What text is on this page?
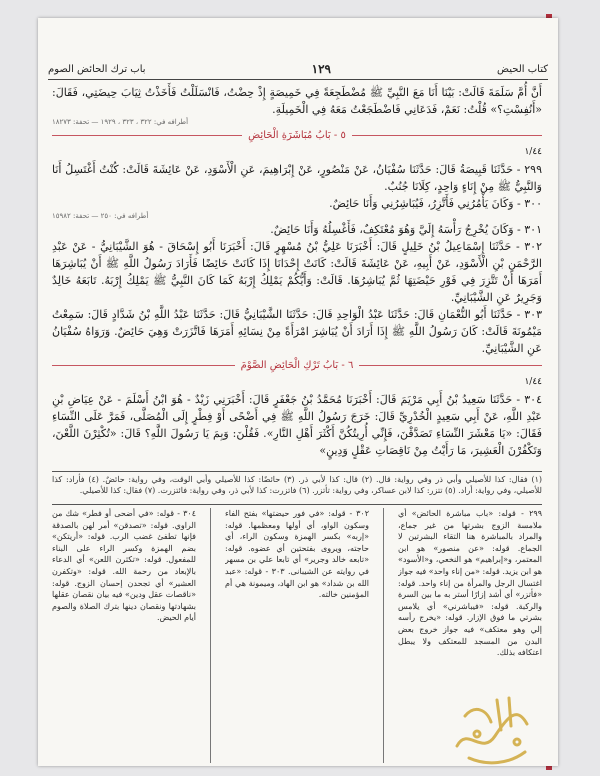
كتاب الحيض
١٢٩
باب ترك الحائض الصوم

أَنَّ أُمَّ سَلَمَةَ قَالَتْ: بَيْنَا أَنَا مَعَ النَّبِيِّ ﷺ مُضْطَجِعَةً فِي خَمِيصَةٍ إِذْ حِضْتُ، فَانْسَلَلْتُ فَأَخَذْتُ ثِيَابَ حِيضَتِي، فَقَالَ: «أَنُفِسْتِ؟» قُلْتُ: نَعَمْ، فَدَعَانِي فَاضْطَجَعْتُ مَعَهُ فِي الْخَمِيلَةِ.

أطرافه في: ٣٢٢ ، ٣٢٣ ، ١٩٢٩ — تحفة: ١٨٢٧٣
٥ - بَابُ مُبَاشَرَةِ الْحَائِضِ
١/٤٤

٢٩٩ - حَدَّثَنَا قَبِيصَةُ قَالَ: حَدَّثَنَا سُفْيَانُ، عَنْ مَنْصُورٍ، عَنْ إِبْرَاهِيمَ، عَنِ الْأَسْوَدِ، عَنْ عَائِشَةَ قَالَتْ: كُنْتُ أَغْتَسِلُ أَنَا وَالنَّبِيُّ ﷺ مِنْ إِنَاءٍ وَاحِدٍ، كِلَانَا جُنُبٌ.

٣٠٠ - وَكَانَ يَأْمُرُنِي فَأَتَّزِرُ، فَيُبَاشِرُنِي وَأَنَا حَائِضٌ.

أطرافه في: ٢٥٠ — تحفة: ١٥٩٨٢

٣٠١ - وَكَانَ يُخْرِجُ رَأْسَهُ إِلَيَّ وَهُوَ مُعْتَكِفٌ، فَأَغْسِلُهُ وَأَنَا حَائِضٌ.

٣٠٢ - حَدَّثَنَا إِسْمَاعِيلُ بْنُ خَلِيلٍ قَالَ: أَخْبَرَنَا عَلِيُّ بْنُ مُسْهِرٍ قَالَ: أَخْبَرَنَا أَبُو إِسْحَاقَ - هُوَ الشَّيْبَانِيُّ - عَنْ عَبْدِ الرَّحْمَنِ بْنِ الْأَسْوَدِ، عَنْ أَبِيهِ، عَنْ عَائِشَةَ قَالَتْ: كَانَتْ إِحْدَانَا إِذَا كَانَتْ حَائِضًا فَأَرَادَ رَسُولُ اللَّهِ ﷺ أَنْ يُبَاشِرَهَا أَمَرَهَا أَنْ تَتَّزِرَ فِي فَوْرِ حَيْضَتِهَا ثُمَّ يُبَاشِرُهَا. قَالَتْ: وَأَيُّكُمْ يَمْلِكُ إِرْبَهُ كَمَا كَانَ النَّبِيُّ ﷺ يَمْلِكُ إِرْبَهُ. تَابَعَهُ خَالِدٌ وَجَرِيرٌ عَنِ الشَّيْبَانِيِّ.

٣٠٣ - حَدَّثَنَا أَبُو النُّعْمَانِ قَالَ: حَدَّثَنَا عَبْدُ الْوَاحِدِ قَالَ: حَدَّثَنَا الشَّيْبَانِيُّ قَالَ: حَدَّثَنَا عَبْدُ اللَّهِ بْنُ شَدَّادٍ قَالَ: سَمِعْتُ مَيْمُونَةَ قَالَتْ: كَانَ رَسُولُ اللَّهِ ﷺ إِذَا أَرَادَ أَنْ يُبَاشِرَ امْرَأَةً مِنْ نِسَائِهِ أَمَرَهَا فَاتَّزَرَتْ وَهِيَ حَائِضٌ. وَرَوَاهُ سُفْيَانُ عَنِ الشَّيْبَانِيِّ.

٦ - بَابُ تَرْكِ الْحَائِضِ الصَّوْمَ
١/٤٤

٣٠٤ - حَدَّثَنَا سَعِيدُ بْنُ أَبِي مَرْيَمَ قَالَ: أَخْبَرَنَا مُحَمَّدُ بْنُ جَعْفَرٍ قَالَ: أَخْبَرَنِي زَيْدٌ - هُوَ ابْنُ أَسْلَمَ - عَنْ عِيَاضِ بْنِ عَبْدِ اللَّهِ، عَنْ أَبِي سَعِيدٍ الْخُدْرِيِّ قَالَ: خَرَجَ رَسُولُ اللَّهِ ﷺ فِي أَضْحًى أَوْ فِطْرٍ إِلَى الْمُصَلَّى، فَمَرَّ عَلَى النِّسَاءِ فَقَالَ: «يَا مَعْشَرَ النِّسَاءِ تَصَدَّقْنَ، فَإِنِّي أُرِيتُكُنَّ أَكْثَرَ أَهْلِ النَّارِ». فَقُلْنَ: وَبِمَ يَا رَسُولَ اللَّهِ؟ قَالَ: «تُكْثِرْنَ اللَّعْنَ، وَتَكْفُرْنَ الْعَشِيرَ، مَا رَأَيْتُ مِنْ نَاقِصَاتِ عَقْلٍ وَدِينٍ»

(١) فقال: كذا للأصيلي وأبي ذر وفي رواية: قال. (٢) قال: كذا لأبي ذر. (٣) حائضًا: كذا للأصيلي وأبي الوقت، وفي رواية: حائضٌ. (٤) فأراد: كذا للأصيلي، وفي رواية: أراد. (٥) تتزر: كذا لابن عساكر، وفي رواية: تأتزر. (٦) فاتزرت: كذا لأبي ذر، وفي رواية: فائتزرت. (٧) فقال: كذا للأصيلي.
٢٩٩ - قوله: «باب مباشرة الحائض» أي ملامسة الزوج بشرتها من غير جماع، والمراد بالمباشرة هنا التقاء البشرتين لا الجماع. قوله: «عن منصور» هو ابن المعتمر، و«إبراهيم» هو النخعي، و«الأسود» هو ابن يزيد. قوله: «من إناء واحد» فيه جواز اغتسال الرجل والمرأة من إناء واحد. قوله: «فأتزر» أي أشد إزارًا أستر به ما بين السرة والركبة. قوله: «فيباشرني» أي يلامس بشرتي ما فوق الإزار. قوله: «يخرج رأسه إلي وهو معتكف» فيه جواز خروج بعض البدن من المسجد للمعتكف ولا يبطل اعتكافه بذلك.
٣٠٢ - قوله: «في فور حيضتها» بفتح الفاء وسكون الواو، أي أولها ومعظمها. قوله: «إربه» بكسر الهمزة وسكون الراء، أي حاجته، ويروى بفتحتين أي عضوه. قوله: «تابعه خالد وجرير» أي تابعا علي بن مسهر في روايته عن الشيبانى. ٣٠٣ - قوله: «عبد الله بن شداد» هو ابن الهاد، وميمونة هي أم المؤمنين خالته.
٣٠٤ - قوله: «في أضحى أو فطر» شك من الراوي. قوله: «تصدقن» أمر لهن بالصدقة فإنها تطفئ غضب الرب. قوله: «أريتكن» بضم الهمزة وكسر الراء على البناء للمفعول. قوله: «تكثرن اللعن» أي الدعاء بالإبعاد من رحمة الله. قوله: «وتكفرن العشير» أي تجحدن إحسان الزوج. قوله: «ناقصات عقل ودين» فيه بيان نقصان عقلها بشهادتها ونقصان دينها بترك الصلاة والصوم أيام الحيض.
